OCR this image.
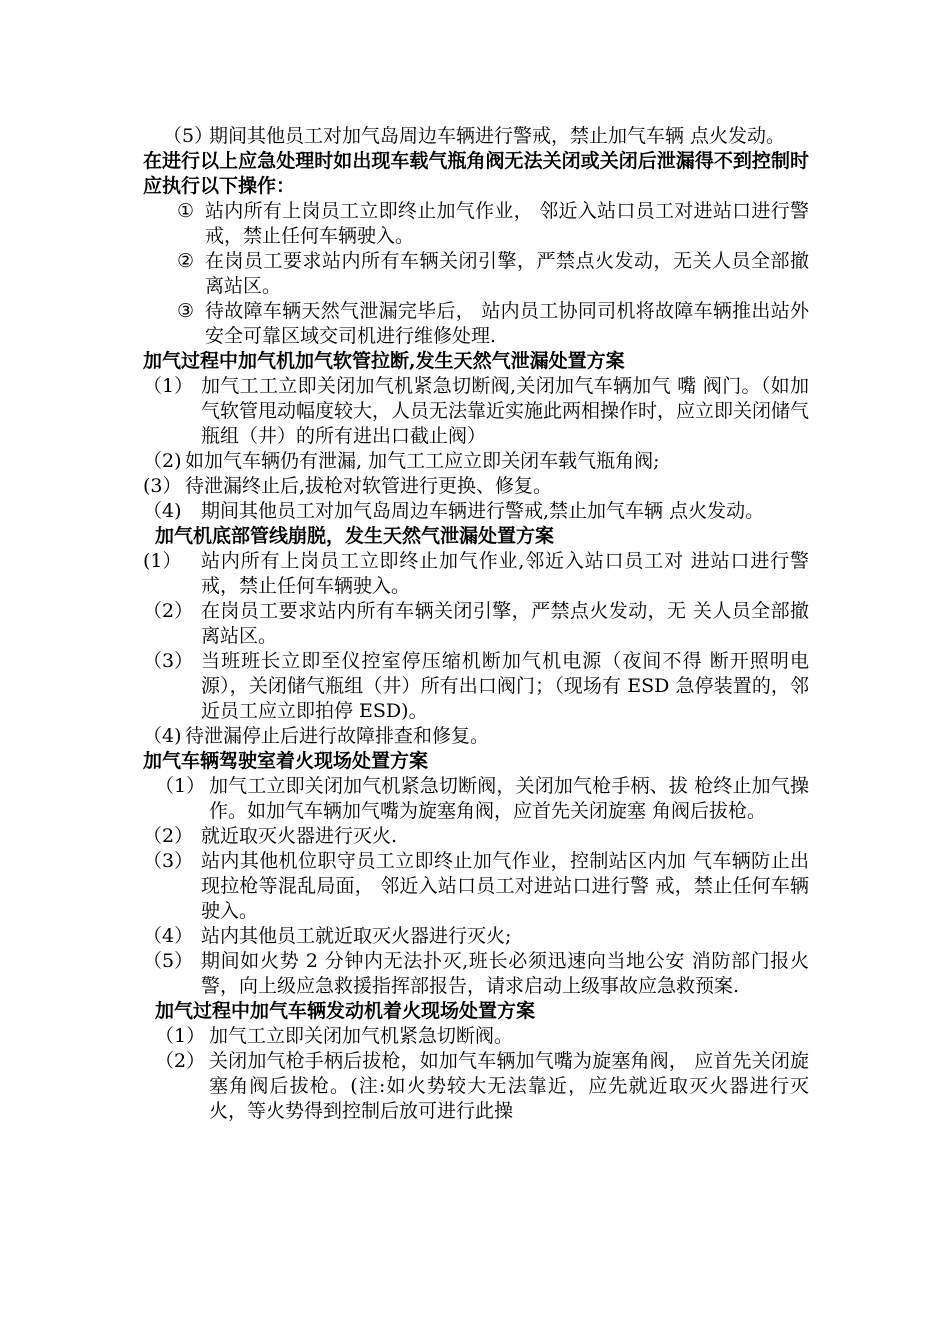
（5）
期间其他员工对加气岛周边车辆进行警戒，禁止加气车辆 点火发动。
在进行以上应急处理时如出现车载气瓶角阀无法关闭或关闭后泄漏得不到控制时应执行以下操作：
① 站内所有上岗员工立即终止加气作业， 邻近入站口员工对进站口进行警戒，禁止任何车辆驶入。
② 在岗员工要求站内所有车辆关闭引擎，严禁点火发动，无关人员全部撤离站区。
③ 待故障车辆天然气泄漏完毕后， 站内员工协同司机将故障车辆推出站外安全可靠区域交司机进行维修处理.
加气过程中加气机加气软管拉断,发生天然气泄漏处置方案
（1） 加气工工立即关闭加气机紧急切断阀,关闭加气车辆加气 嘴 阀门。（如加气软管甩动幅度较大，人员无法靠近实施此两相操作时，应立即关闭储气瓶组（井）的所有进出口截止阀）
（2) 如加气车辆仍有泄漏, 加气工工应立即关闭车载气瓶角阀;
(3） 待泄漏终止后,拔枪对软管进行更换、修复。
（4) 期间其他员工对加气岛周边车辆进行警戒,禁止加气车辆 点火发动。
加气机底部管线崩脱，发生天然气泄漏处置方案
(1） 站内所有上岗员工立即终止加气作业,邻近入站口员工对 进站口进行警戒，禁止任何车辆驶入。
（2） 在岗员工要求站内所有车辆关闭引擎，严禁点火发动，无 关人员全部撤离站区。
（3） 当班班长立即至仪控室停压缩机断加气机电源（夜间不得 断开照明电源），关闭储气瓶组（井）所有出口阀门；（现场有 ESD 急停装置的，邻近员工应立即拍停 ESD)。
（4) 待泄漏停止后进行故障排查和修复。
加气车辆驾驶室着火现场处置方案
（1） 加气工立即关闭加气机紧急切断阀，关闭加气枪手柄、拔 枪终止加气操作。如加气车辆加气嘴为旋塞角阀，应首先关闭旋塞 角阀后拔枪。
（2） 就近取灭火器进行灭火.
（3） 站内其他机位职守员工立即终止加气作业，控制站区内加 气车辆防止出现拉枪等混乱局面， 邻近入站口员工对进站口进行警 戒，禁止任何车辆驶入。
（4） 站内其他员工就近取灭火器进行灭火;
（5） 期间如火势 2 分钟内无法扑灭,班长必须迅速向当地公安 消防部门报火警，向上级应急救援指挥部报告，请求启动上级事故应急救预案.
加气过程中加气车辆发动机着火现场处置方案
（1） 加气工立即关闭加气机紧急切断阀。
（2） 关闭加气枪手柄后拔枪，如加气车辆加气嘴为旋塞角阀， 应首先关闭旋塞角阀后拔枪。(注:如火势较大无法靠近，应先就近取灭火器进行灭火，等火势得到控制后放可进行此操
